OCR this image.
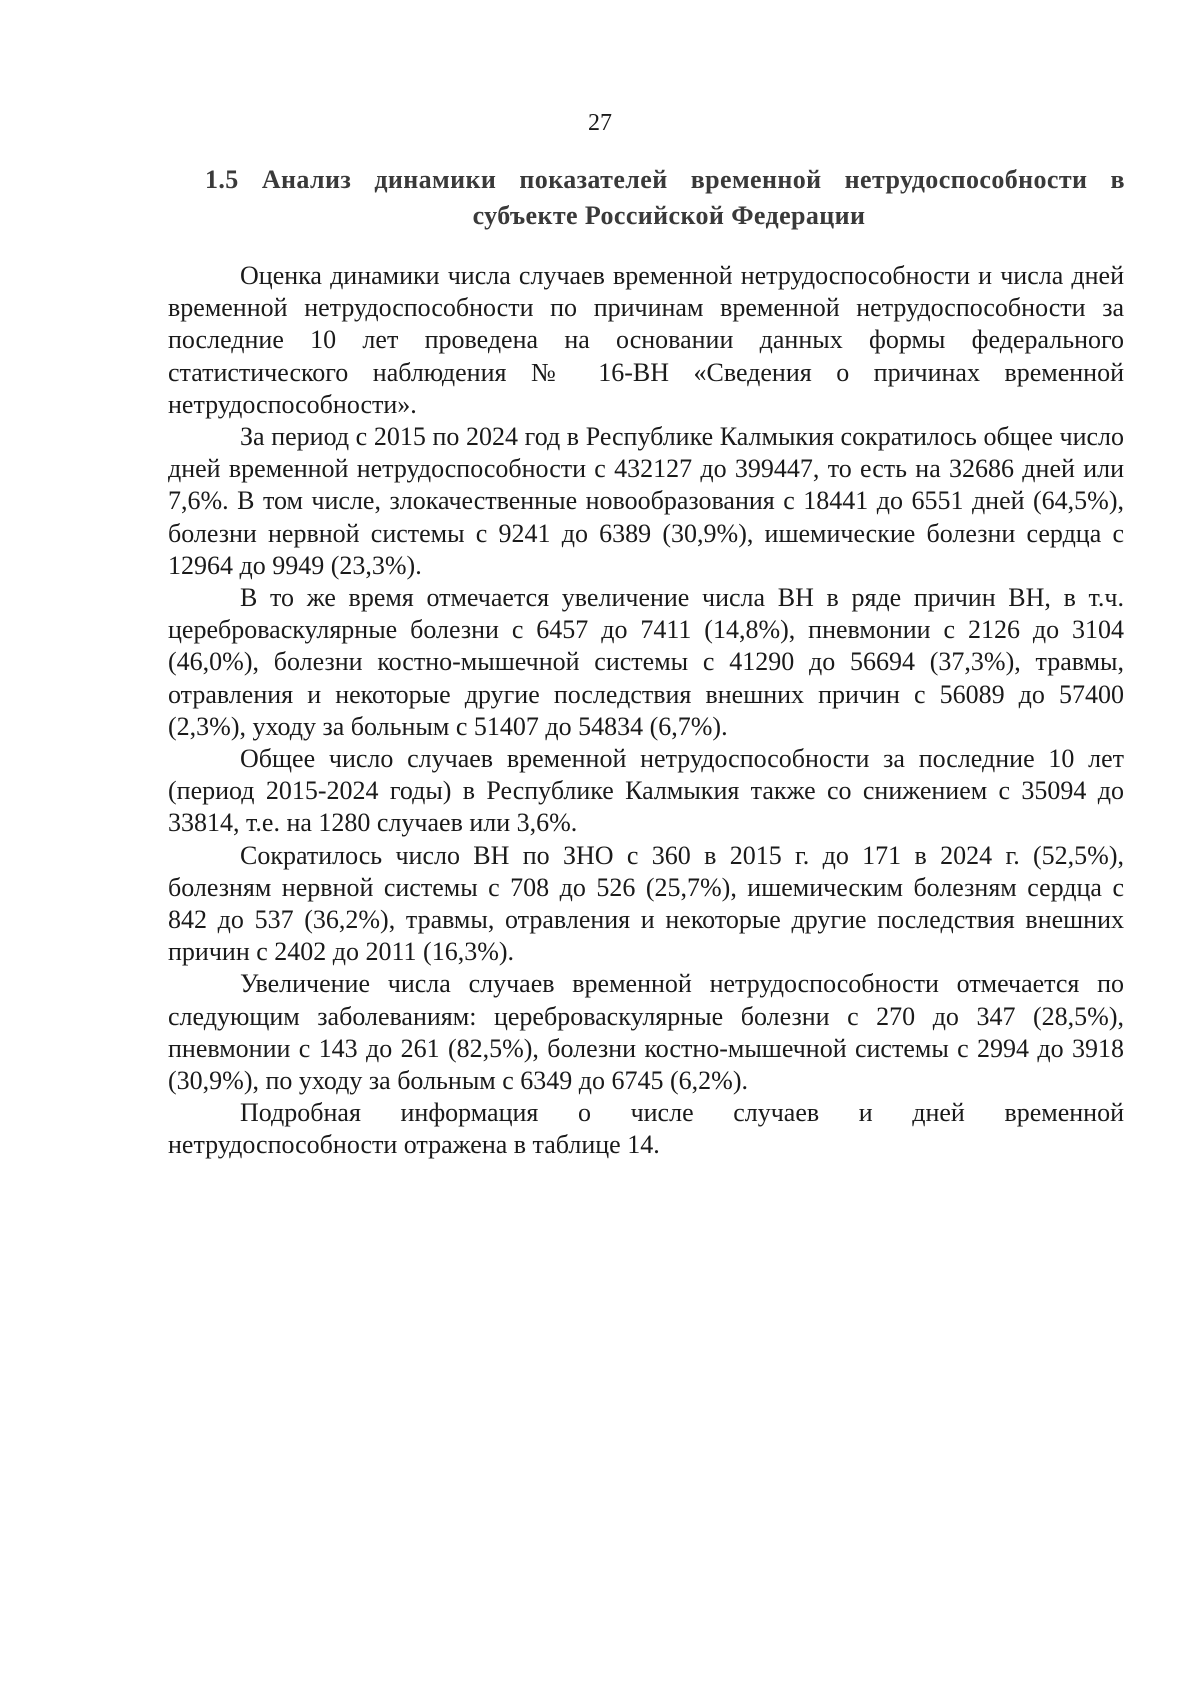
27
1.5 Анализ динамики показателей временной нетрудоспособности в
субъекте Российской Федерации

Оценка динамики числа случаев временной нетрудоспособности и числа дней временной нетрудоспособности по причинам временной нетрудоспособности за последние 10 лет проведена на основании данных формы федерального статистического наблюдения № 16-ВН «Сведения о причинах временной нетрудоспособности».

За период с 2015 по 2024 год в Республике Калмыкия сократилось общее число дней временной нетрудоспособности с 432127 до 399447, то есть на 32686 дней или 7,6%. В том числе, злокачественные новообразования с 18441 до 6551 дней (64,5%), болезни нервной системы с 9241 до 6389 (30,9%), ишемические болезни сердца с 12964 до 9949 (23,3%).

В то же время отмечается увеличение числа ВН в ряде причин ВН, в т.ч. цереброваскулярные болезни с 6457 до 7411 (14,8%), пневмонии с 2126 до 3104 (46,0%), болезни костно-мышечной системы с 41290 до 56694 (37,3%), травмы, отравления и некоторые другие последствия внешних причин с 56089 до 57400 (2,3%), уходу за больным с 51407 до 54834 (6,7%).

Общее число случаев временной нетрудоспособности за последние 10 лет (период 2015-2024 годы) в Республике Калмыкия также со снижением с 35094 до 33814, т.е. на 1280 случаев или 3,6%.

Сократилось число ВН по ЗНО с 360 в 2015 г. до 171 в 2024 г. (52,5%), болезням нервной системы с 708 до 526 (25,7%), ишемическим болезням сердца с 842 до 537 (36,2%), травмы, отравления и некоторые другие последствия внешних причин с 2402 до 2011 (16,3%).

Увеличение числа случаев временной нетрудоспособности отмечается по следующим заболеваниям: цереброваскулярные болезни с 270 до 347 (28,5%), пневмонии с 143 до 261 (82,5%), болезни костно-мышечной системы с 2994 до 3918 (30,9%), по уходу за больным с 6349 до 6745 (6,2%).

Подробная информация о числе случаев и дней временной нетрудоспособности отражена в таблице 14.
